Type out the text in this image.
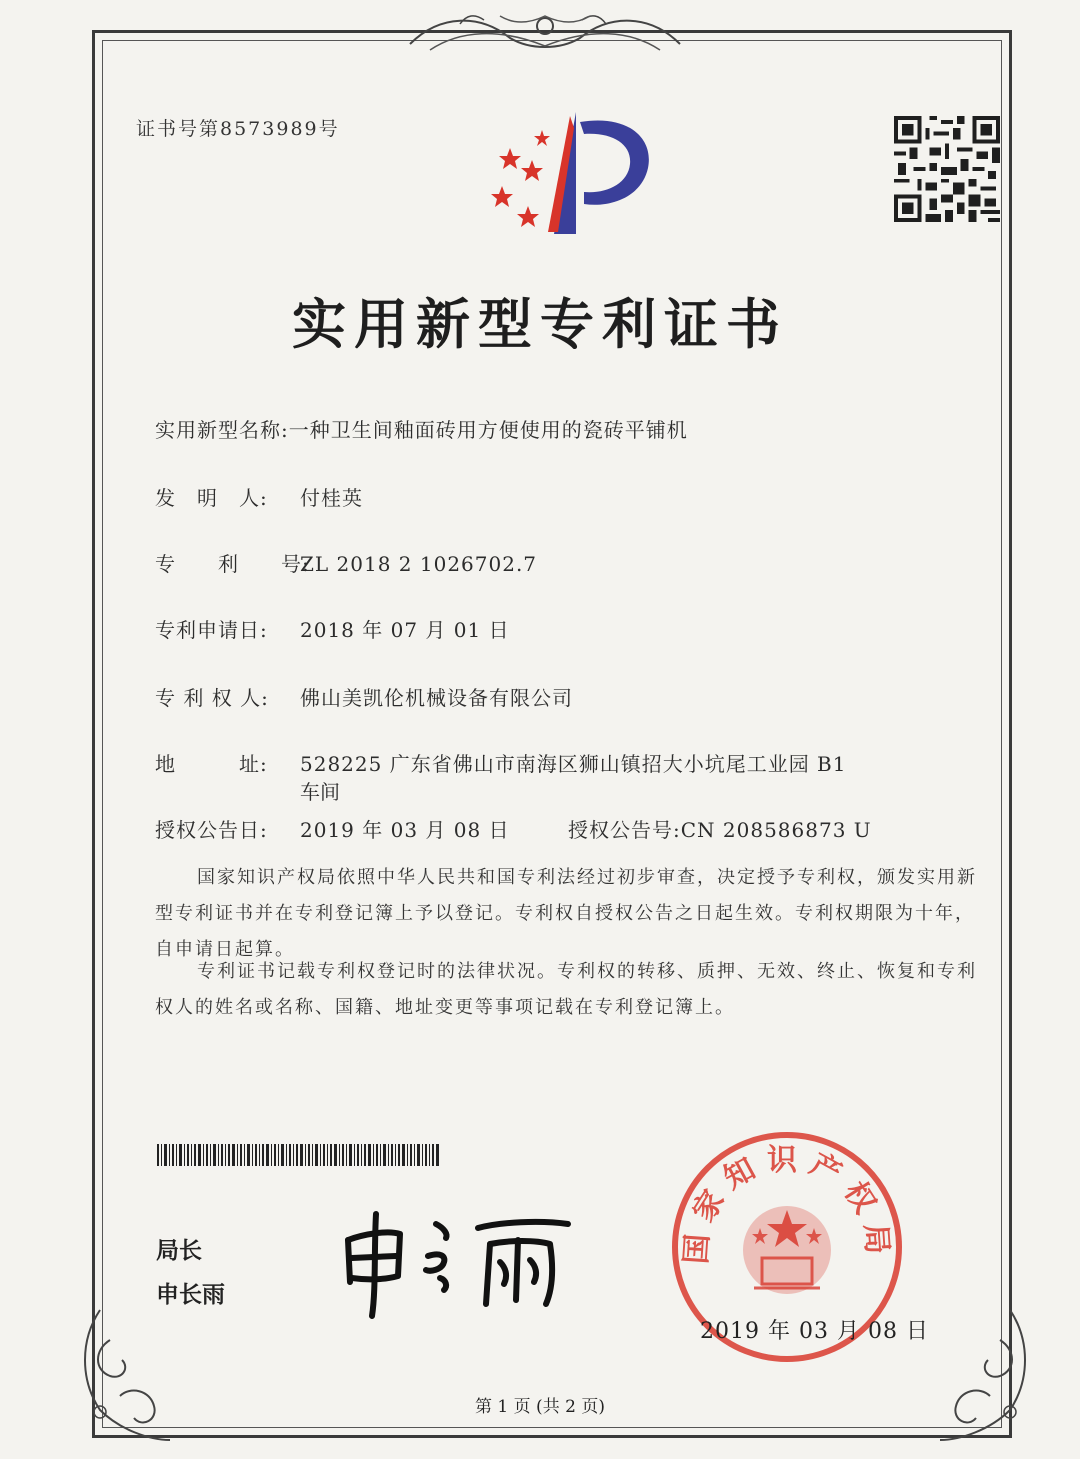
证书号第8573989号
实用新型专利证书
实用新型名称:一种卫生间釉面砖用方便使用的瓷砖平铺机
发　明　人: 付桂英
专　　利　　号:ZL 2018 2 1026702.7
专利申请日: 2018 年 07 月 01 日
专 利 权 人: 佛山美凯伦机械设备有限公司
地　　　址: 528225 广东省佛山市南海区狮山镇招大小坑尾工业园 B1
车间
授权公告日: 2019 年 03 月 08 日	授权公告号:CN 208586873 U
国家知识产权局依照中华人民共和国专利法经过初步审查，决定授予专利权，颁发实用新型专利证书并在专利登记簿上予以登记。专利权自授权公告之日起生效。专利权期限为十年，自申请日起算。
专利证书记载专利权登记时的法律状况。专利权的转移、质押、无效、终止、恢复和专利权人的姓名或名称、国籍、地址变更等事项记载在专利登记簿上。
局长
申长雨
国家知识产权局
2019 年 03 月 08 日
第 1 页 (共 2 页)
